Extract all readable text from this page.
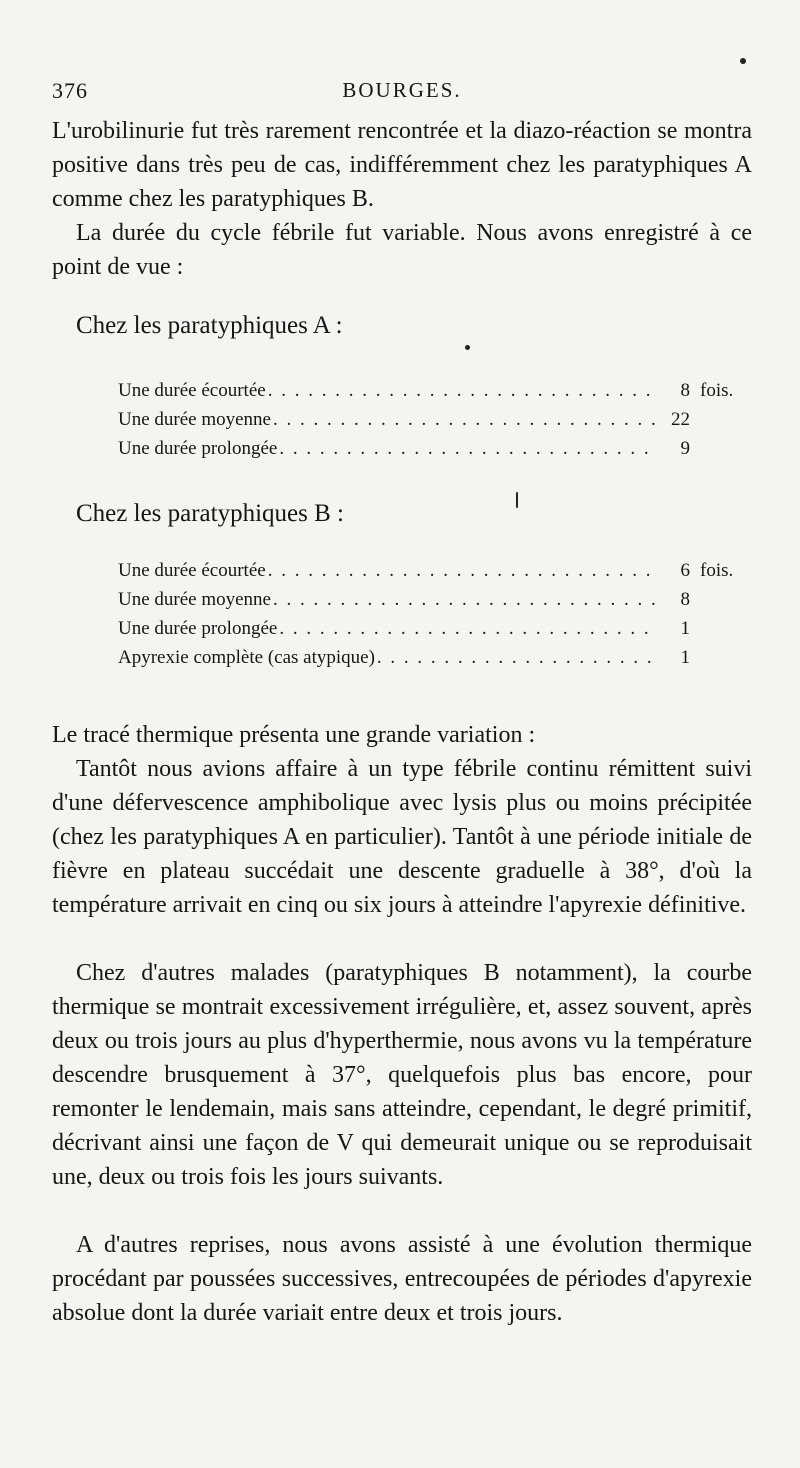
376	BOURGES.

L'urobilinurie fut très rarement rencontrée et la diazo-réaction se montra positive dans très peu de cas, indifféremment chez les paratyphiques A comme chez les paratyphiques B.

La durée du cycle fébrile fut variable. Nous avons enregistré à ce point de vue :

Chez les paratyphiques A :

Une durée écourtée . . .	8 fois.
Une durée moyenne . . .	22
Une durée prolongée . . .	9

Chez les paratyphiques B :

Une durée écourtée . . .	6 fois.
Une durée moyenne . . .	8
Une durée prolongée . . .	1
Apyrexie complète (cas atypique) . . .	1

Le tracé thermique présenta une grande variation :

Tantôt nous avions affaire à un type fébrile continu rémittent suivi d'une défervescence amphibolique avec lysis plus ou moins précipitée (chez les paratyphiques A en particulier). Tantôt à une période initiale de fièvre en plateau succédait une descente graduelle à 38°, d'où la température arrivait en cinq ou six jours à atteindre l'apyrexie définitive.

Chez d'autres malades (paratyphiques B notamment), la courbe thermique se montrait excessivement irrégulière, et, assez souvent, après deux ou trois jours au plus d'hyperthermie, nous avons vu la température descendre brusquement à 37°, quelquefois plus bas encore, pour remonter le lendemain, mais sans atteindre, cependant, le degré primitif, décrivant ainsi une façon de V qui demeurait unique ou se reproduisait une, deux ou trois fois les jours suivants.

A d'autres reprises, nous avons assisté à une évolution thermique procédant par poussées successives, entrecoupées de périodes d'apyrexie absolue dont la durée variait entre deux et trois jours.
